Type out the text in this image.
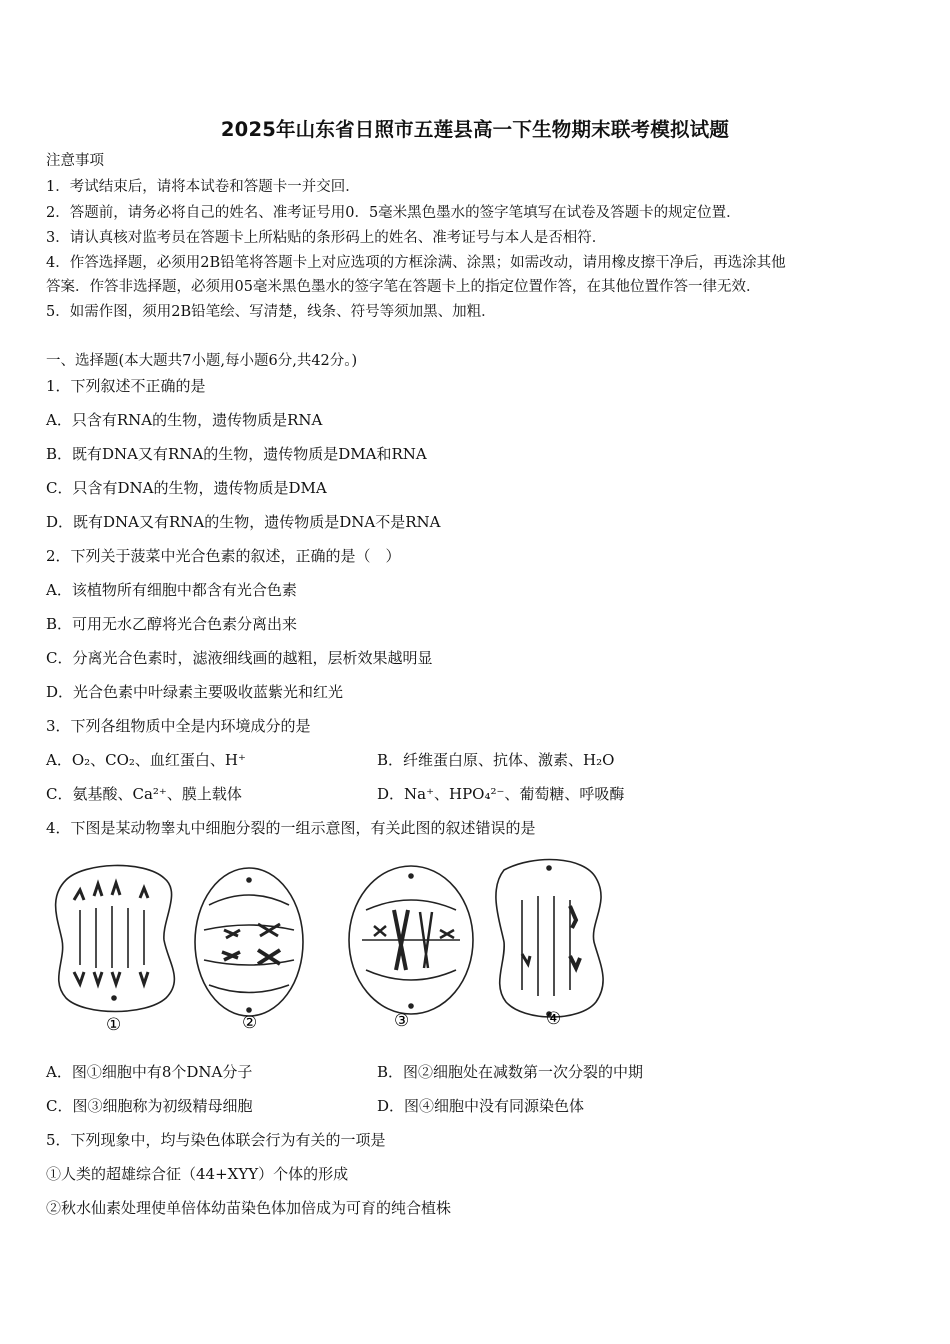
2025年山东省日照市五莲县高一下生物期末联考模拟试题
注意事项
1．考试结束后，请将本试卷和答题卡一并交回．
2．答题前，请务必将自己的姓名、准考证号用0．5毫米黑色墨水的签字笔填写在试卷及答题卡的规定位置．
3．请认真核对监考员在答题卡上所粘贴的条形码上的姓名、准考证号与本人是否相符．
4．作答选择题，必须用2B铅笔将答题卡上对应选项的方框涂满、涂黑；如需改动，请用橡皮擦干净后，再选涂其他
答案．作答非选择题，必须用05毫米黑色墨水的签字笔在答题卡上的指定位置作答，在其他位置作答一律无效．
5．如需作图，须用2B铅笔绘、写清楚，线条、符号等须加黑、加粗．
一、选择题(本大题共7小题,每小题6分,共42分。)
1．下列叙述不正确的是
A．只含有RNA的生物，遗传物质是RNA
B．既有DNA又有RNA的生物，遗传物质是DMA和RNA
C．只含有DNA的生物，遗传物质是DMA
D．既有DNA又有RNA的生物，遗传物质是DNA不是RNA
2．下列关于菠菜中光合色素的叙述，正确的是（　）
A．该植物所有细胞中都含有光合色素
B．可用无水乙醇将光合色素分离出来
C．分离光合色素时，滤液细线画的越粗，层析效果越明显
D．光合色素中叶绿素主要吸收蓝紫光和红光
3．下列各组物质中全是内环境成分的是
A．O₂、CO₂、血红蛋白、H⁺	B．纤维蛋白原、抗体、激素、H₂O
C．氨基酸、Ca²⁺、膜上载体	D．Na⁺、HPO₄²⁻、葡萄糖、呼吸酶
4．下图是某动物睾丸中细胞分裂的一组示意图，有关此图的叙述错误的是
①	②	③	④
A．图①细胞中有8个DNA分子	B．图②细胞处在减数第一次分裂的中期
C．图③细胞称为初级精母细胞	D．图④细胞中没有同源染色体
5．下列现象中，均与染色体联会行为有关的一项是
①人类的超雄综合征（44+XYY）个体的形成
②秋水仙素处理使单倍体幼苗染色体加倍成为可育的纯合植株
